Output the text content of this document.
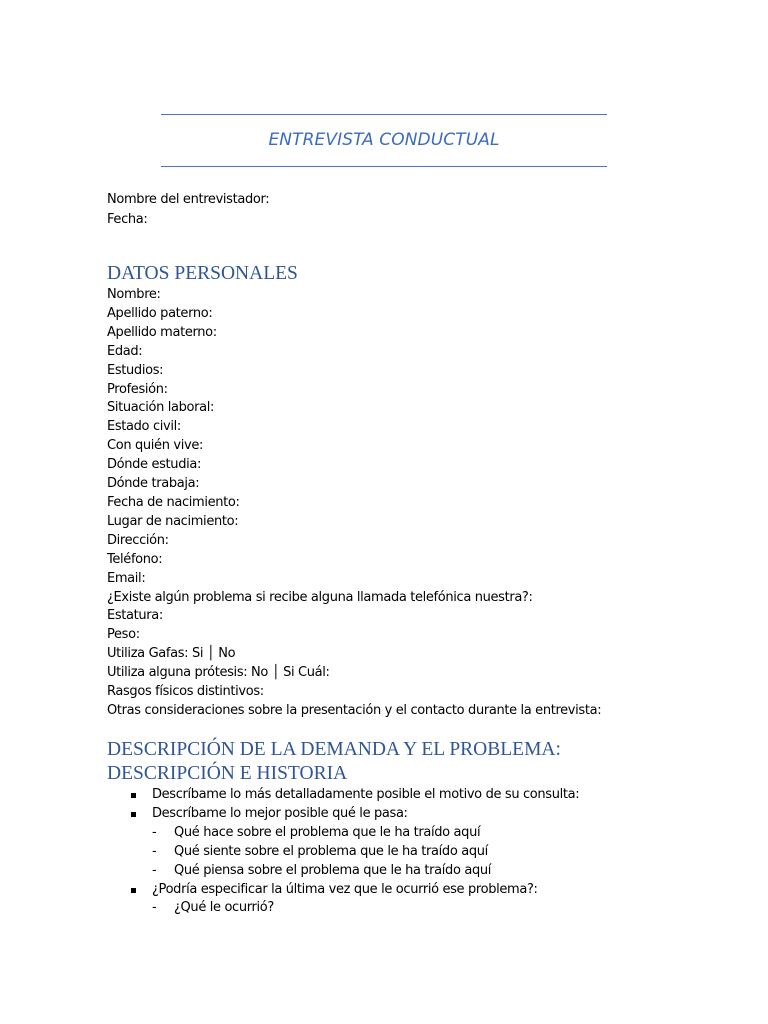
ENTREVISTA CONDUCTUAL
Nombre del entrevistador:
Fecha:
DATOS PERSONALES
Nombre:
Apellido paterno:
Apellido materno:
Edad:
Estudios:
Profesión:
Situación laboral:
Estado civil:
Con quién vive:
Dónde estudia:
Dónde trabaja:
Fecha de nacimiento:
Lugar de nacimiento:
Dirección:
Teléfono:
Email:
¿Existe algún problema si recibe alguna llamada telefónica nuestra?:
Estatura:
Peso:
Utiliza Gafas: Si │ No
Utiliza alguna prótesis: No │ Si Cuál:
Rasgos físicos distintivos:
Otras consideraciones sobre la presentación y el contacto durante la entrevista:
DESCRIPCIÓN DE LA DEMANDA Y EL PROBLEMA:
DESCRIPCIÓN E HISTORIA
Descríbame lo más detalladamente posible el motivo de su consulta:
Descríbame lo mejor posible qué le pasa:
- Qué hace sobre el problema que le ha traído aquí
- Qué siente sobre el problema que le ha traído aquí
- Qué piensa sobre el problema que le ha traído aquí
¿Podría especificar la última vez que le ocurrió ese problema?:
- ¿Qué le ocurrió?
